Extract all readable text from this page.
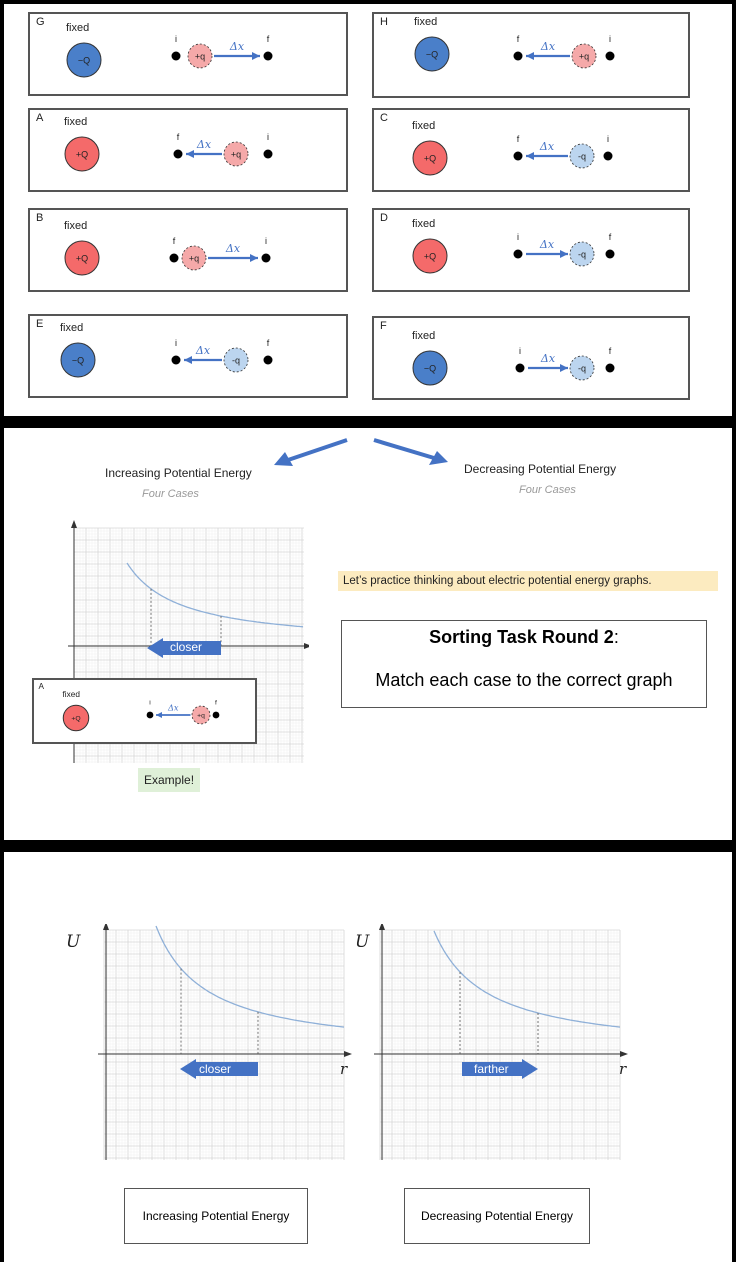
−Q
i	f
+q
Δx
G fixed
−Q
f	i
+q
Δx
H fixed
+Q
f	i
+q
Δx
A fixed
+Q
f	i
-q
Δx
C
fixed
+Q
f	i
+q
Δx
B
fixed
+Q
i	f
-q
Δx
D fixed
−Q
i	f
-q
Δx
E fixed
−Q
i	f
-q
Δx
F
fixed
Increasing Potential Energy
Four Cases
Decreasing Potential Energy
Four Cases
closer
+Q
i	f
+q
Δx
A
fixed
Example!
Let’s practice thinking about electric potential energy graphs.
Sorting Task Round 2:
Match each case to the correct graph
U
r
U
r
closer	farther
Increasing Potential Energy	Decreasing Potential Energy
